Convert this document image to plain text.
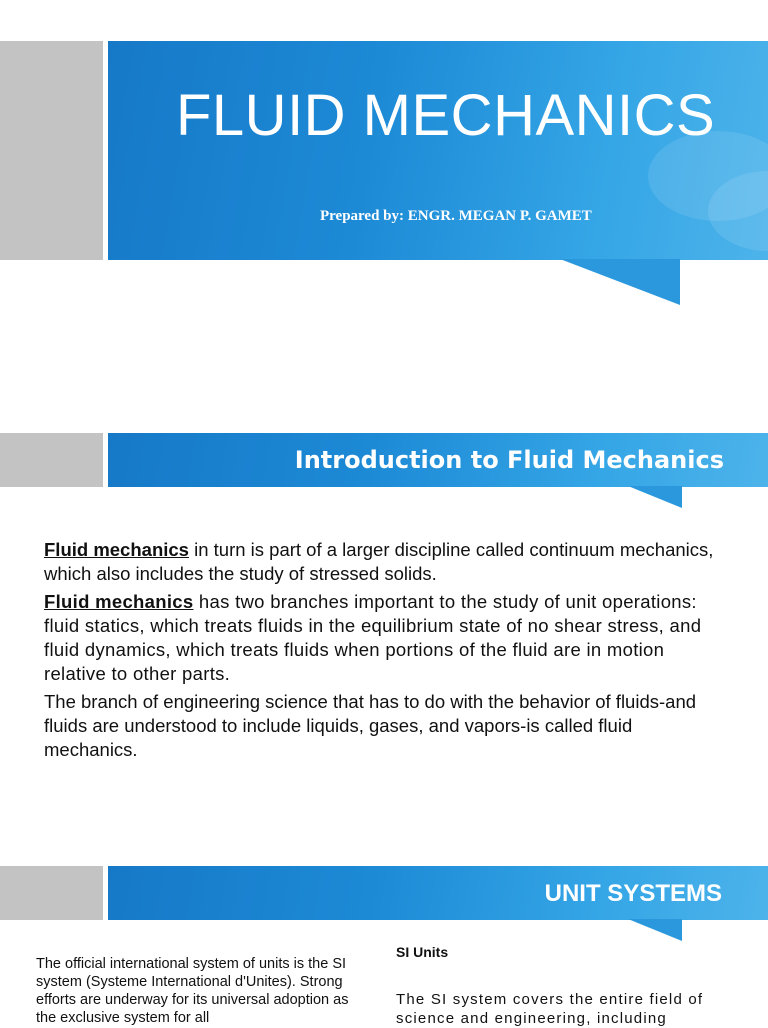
FLUID MECHANICS

Prepared by: ENGR. MEGAN P. GAMET

Introduction to Fluid Mechanics

Fluid mechanics in turn is part of a larger discipline called continuum mechanics, which also includes the study of stressed solids.

Fluid mechanics has two branches important to the study of unit operations: fluid statics, which treats fluids in the equilibrium state of no shear stress, and fluid dynamics, which treats fluids when portions of the fluid are in motion relative to other parts.

The branch of engineering science that has to do with the behavior of fluids-and fluids are understood to include liquids, gases, and vapors-is called fluid mechanics.

UNIT SYSTEMS

The official international system of units is the SI system (Systeme International d'Unites). Strong efforts are underway for its universal adoption as the exclusive system for all

SI Units

The SI system covers the entire field of science and engineering, including
